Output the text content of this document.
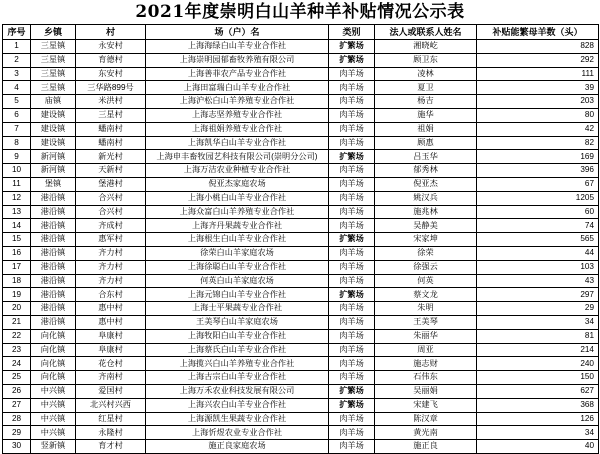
2021年度崇明白山羊种羊补贴情况公示表
序号	乡镇	村	场（户）名	类别	法人或联系人姓名	补贴能繁母羊数（头）
1	三星镇	永安村	上海海绿白山羊专业合作社	扩繁场	湘晓屹	828
2	三星镇	育德村	上海崇明园郁畜牧养殖有限公司	扩繁场	顾卫东	292
3	三星镇	东安村	上海善菲农产品专业合作社	肉羊场	凌林	111
4	三星镇	三华路899号	上海田富瑞白山羊专业合作社	肉羊场	夏卫	39
5	庙镇	米洪村	上海沪松白山羊养殖专业合作社	肉羊场	杨吉	203
6	建设镇	三星村	上海志坚养殖专业合作社	肉羊场	施华	80
7	建设镇	蟠南村	上海祖娟养殖专业合作社	肉羊场	祖娟	42
8	建设镇	蟠南村	上海凯华白山羊专业合作社	肉羊场	顾惠	82
9	新河镇	新光村	上海申丰畜牧园艺科技有限公司(崇明分公司)	扩繁场	吕玉华	169
10	新河镇	天新村	上海万洁农业种植专业合作社	肉羊场	郁秀林	396
11	堡镇	堡港村	倪亚杰家庭农场	肉羊场	倪亚杰	67
12	港沿镇	合兴村	上海小桃白山羊专业合作社	肉羊场	姚汉兵	1205
13	港沿镇	合兴村	上海众富白山羊养殖专业合作社	肉羊场	施兆林	60
14	港沿镇	齐成村	上海齐丹果蔬专业合作社	肉羊场	吴静美	74
15	港沿镇	惠军村	上海根生白山羊专业合作社	扩繁场	宋家坤	565
16	港沿镇	齐力村	徐荣白山羊家庭农场	肉羊场	徐荣	44
17	港沿镇	齐力村	上海徐聪白山羊专业合作社	肉羊场	徐强云	103
18	港沿镇	齐力村	何英白山羊家庭农场	肉羊场	何英	43
19	港沿镇	合东村	上海元锦白山羊专业合作社	扩繁场	蔡文龙	297
20	港沿镇	惠中村	上海士平果蔬专业合作社	肉羊场	朱明	29
21	港沿镇	惠中村	王美琴白山羊家庭农场	肉羊场	王美琴	34
22	向化镇	阜康村	上海牧阳白山羊专业合作社	肉羊场	朱丽华	81
23	向化镇	阜康村	上海蔡氏白山羊专业合作社	肉羊场	周亚	214
24	向化镇	花仓村	上海揽兴白山羊养殖专业合作社	肉羊场	施志财	240
25	向化镇	齐南村	上海古宗白山羊专业合作社	肉羊场	石伟东	150
26	中兴镇	爱国村	上海万禾农业科技发展有限公司	扩繁场	吴丽娟	627
27	中兴镇	北兴村兴西	上海兴农白山羊专业合作社	扩繁场	宋建飞	368
28	中兴镇	红星村	上海源凯生果蔬专业合作社	肉羊场	陈汉章	126
29	中兴镇	永隆村	上海忻煜农业专业合作社	肉羊场	黄光南	34
30	竖新镇	育才村	施正良家庭农场	肉羊场	施正良	40
